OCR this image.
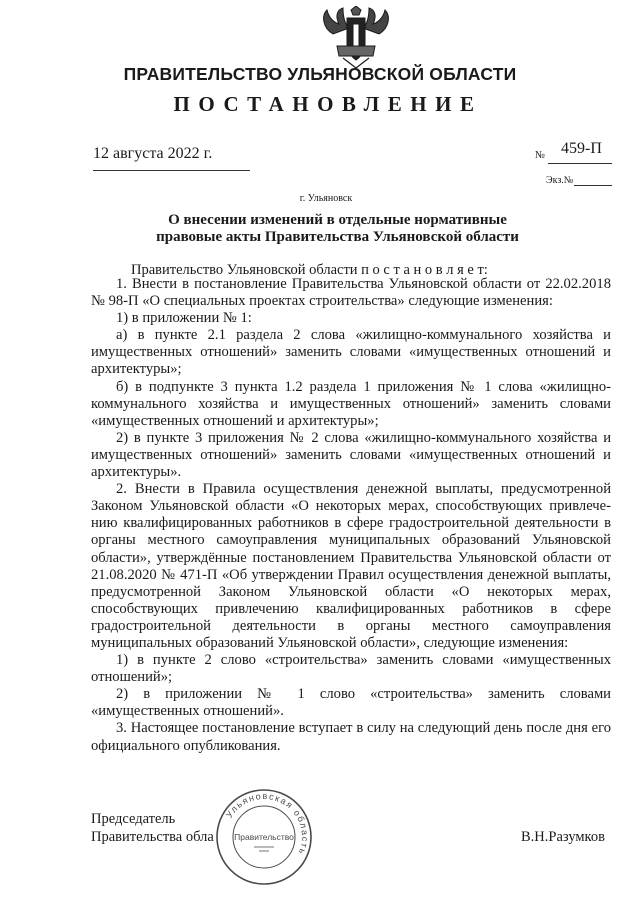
ПРАВИТЕЛЬСТВО УЛЬЯНОВСКОЙ ОБЛАСТИ
ПОСТАНОВЛЕНИЕ
12 августа 2022 г.	№ 459-П
Экз.№
г. Ульяновск
О внесении изменений в отдельные нормативные
правовые акты Правительства Ульяновской области
Правительство Ульяновской области п о с т а н о в л я е т:

1. Внести в постановление Правительства Ульяновской области от 22.02.2018 № 98-П «О специальных проектах строительства» следующие изменения:

1) в приложении № 1:

а) в пункте 2.1 раздела 2 слова «жилищно-коммунального хозяйства и имущественных отношений» заменить словами «имущественных отношений и архитектуры»;

б) в подпункте 3 пункта 1.2 раздела 1 приложения № 1 слова «жилищно-коммунального хозяйства и имущественных отношений» заменить словами «имущественных отношений и архитектуры»;

2) в пункте 3 приложения № 2 слова «жилищно-коммунального хозяйства и имущественных отношений» заменить словами «имущественных отношений и архитектуры».

2. Внести в Правила осуществления денежной выплаты, предусмотренной Законом Ульяновской области «О некоторых мерах, способствующих привлече-нию квалифицированных работников в сфере градостроительной деятельности в органы местного самоуправления муниципальных образований Ульяновской области», утверждённые постановлением Правительства Ульяновской области от 21.08.2020 № 471-П «Об утверждении Правил осуществления денежной выплаты, предусмотренной Законом Ульяновской области «О некоторых мерах, способствующих привлечению квалифицированных работников в сфере градостроительной деятельности в органы местного самоуправления муниципальных образований Ульяновской области», следующие изменения:

1) в пункте 2 слово «строительства» заменить словами «имущественных отношений»;

2) в приложении № 1 слово «строительства» заменить словами «имущественных отношений».

3. Настоящее постановление вступает в силу на следующий день после дня его официального опубликования.

Председатель
Правительства обла	В.Н.Разумков
Ульяновская область
Правительство
